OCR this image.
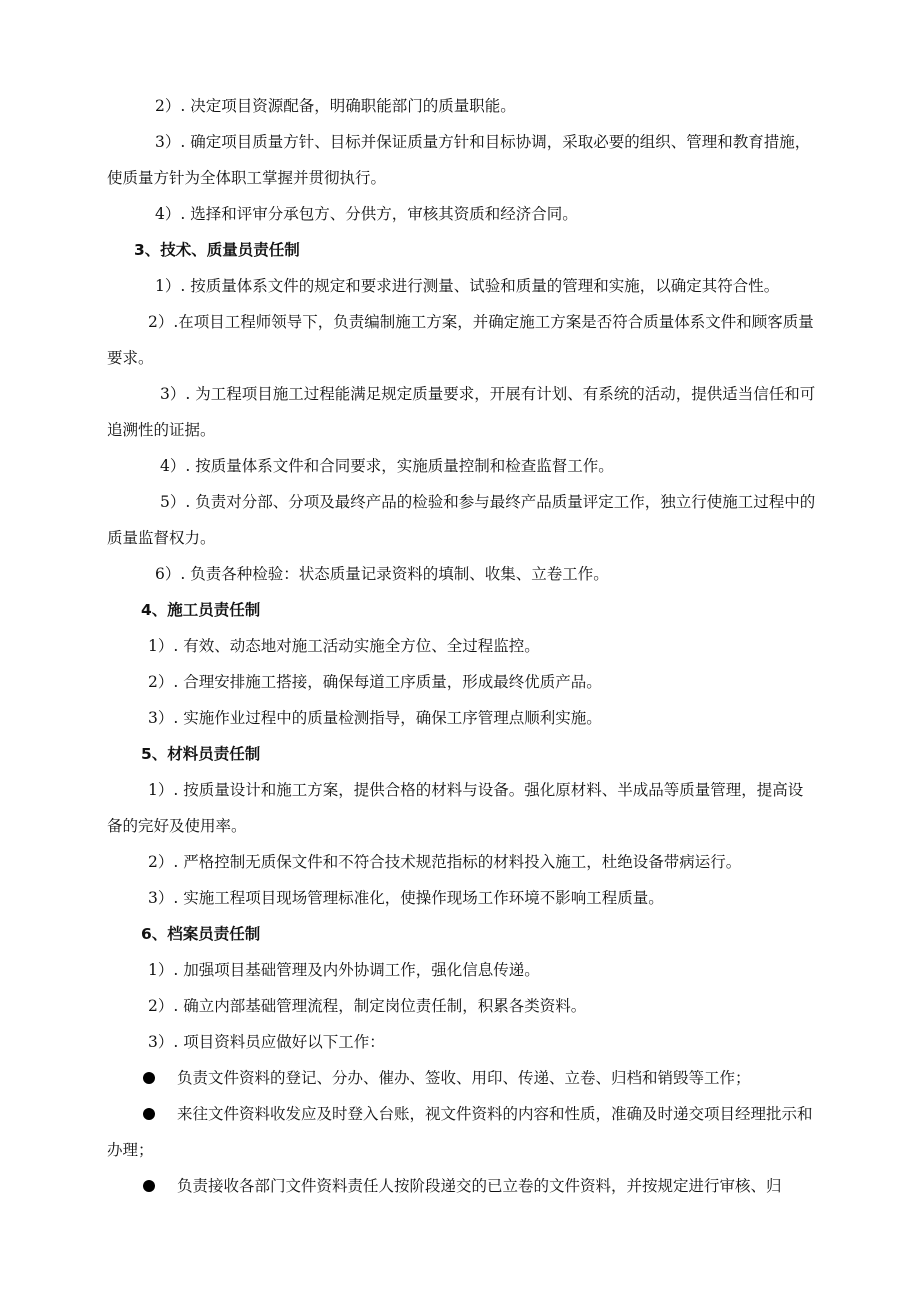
2）. 决定项目资源配备，明确职能部门的质量职能。

3）. 确定项目质量方针、目标并保证质量方针和目标协调，采取必要的组织、管理和教育措施，使质量方针为全体职工掌握并贯彻执行。

4）. 选择和评审分承包方、分供方，审核其资质和经济合同。

3、技术、质量员责任制

1）. 按质量体系文件的规定和要求进行测量、试验和质量的管理和实施，以确定其符合性。

2）.在项目工程师领导下，负责编制施工方案，并确定施工方案是否符合质量体系文件和顾客质量要求。

3）. 为工程项目施工过程能满足规定质量要求，开展有计划、有系统的活动，提供适当信任和可追溯性的证据。

4）. 按质量体系文件和合同要求，实施质量控制和检查监督工作。

5）. 负责对分部、分项及最终产品的检验和参与最终产品质量评定工作，独立行使施工过程中的质量监督权力。

6）. 负责各种检验：状态质量记录资料的填制、收集、立卷工作。

4、施工员责任制

1）. 有效、动态地对施工活动实施全方位、全过程监控。

2）. 合理安排施工搭接，确保每道工序质量，形成最终优质产品。

3）. 实施作业过程中的质量检测指导，确保工序管理点顺利实施。

5、材料员责任制

1）. 按质量设计和施工方案，提供合格的材料与设备。强化原材料、半成品等质量管理，提高设备的完好及使用率。

2）. 严格控制无质保文件和不符合技术规范指标的材料投入施工，杜绝设备带病运行。

3）. 实施工程项目现场管理标准化，使操作现场工作环境不影响工程质量。

6、档案员责任制

1）. 加强项目基础管理及内外协调工作，强化信息传递。

2）. 确立内部基础管理流程，制定岗位责任制，积累各类资料。

3）. 项目资料员应做好以下工作：

负责文件资料的登记、分办、催办、签收、用印、传递、立卷、归档和销毁等工作；

来往文件资料收发应及时登入台账，视文件资料的内容和性质，准确及时递交项目经理批示和办理；

负责接收各部门文件资料责任人按阶段递交的已立卷的文件资料，并按规定进行审核、归
